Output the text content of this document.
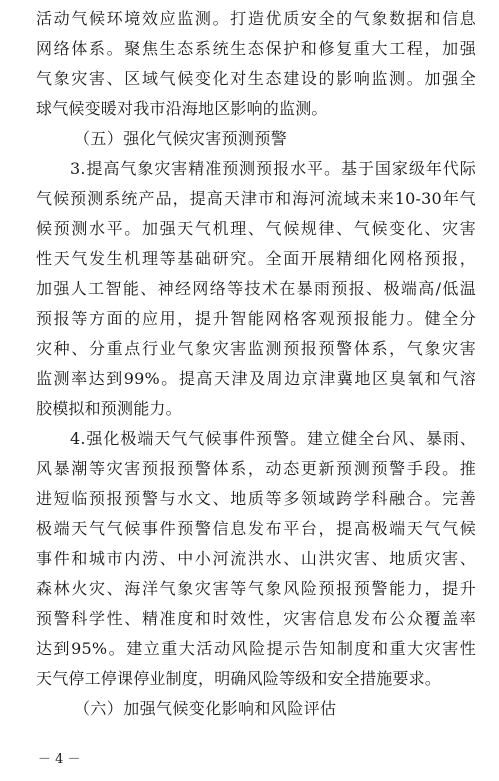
活动气候环境效应监测。打造优质安全的气象数据和信息
网络体系。聚焦生态系统生态保护和修复重大工程，加强
气象灾害、区域气候变化对生态建设的影响监测。加强全
球气候变暖对我市沿海地区影响的监测。
（五）强化气候灾害预测预警
3.提高气象灾害精准预测预报水平。基于国家级年代际
气候预测系统产品，提高天津市和海河流域未来10-30年气
候预测水平。加强天气机理、气候规律、气候变化、灾害
性天气发生机理等基础研究。全面开展精细化网格预报，
加强人工智能、神经网络等技术在暴雨预报、极端高/低温
预报等方面的应用，提升智能网格客观预报能力。健全分
灾种、分重点行业气象灾害监测预报预警体系，气象灾害
监测率达到99%。提高天津及周边京津冀地区臭氧和气溶
胶模拟和预测能力。
4.强化极端天气气候事件预警。建立健全台风、暴雨、
风暴潮等灾害预报预警体系，动态更新预测预警手段。推
进短临预报预警与水文、地质等多领域跨学科融合。完善
极端天气气候事件预警信息发布平台，提高极端天气气候
事件和城市内涝、中小河流洪水、山洪灾害、地质灾害、
森林火灾、海洋气象灾害等气象风险预报预警能力，提升
预警科学性、精准度和时效性，灾害信息发布公众覆盖率
达到95%。建立重大活动风险提示告知制度和重大灾害性
（六）加强气候变化影响和风险评估
－ 4 －
天气停工停课停业制度，明确风险等级和安全措施要求。
